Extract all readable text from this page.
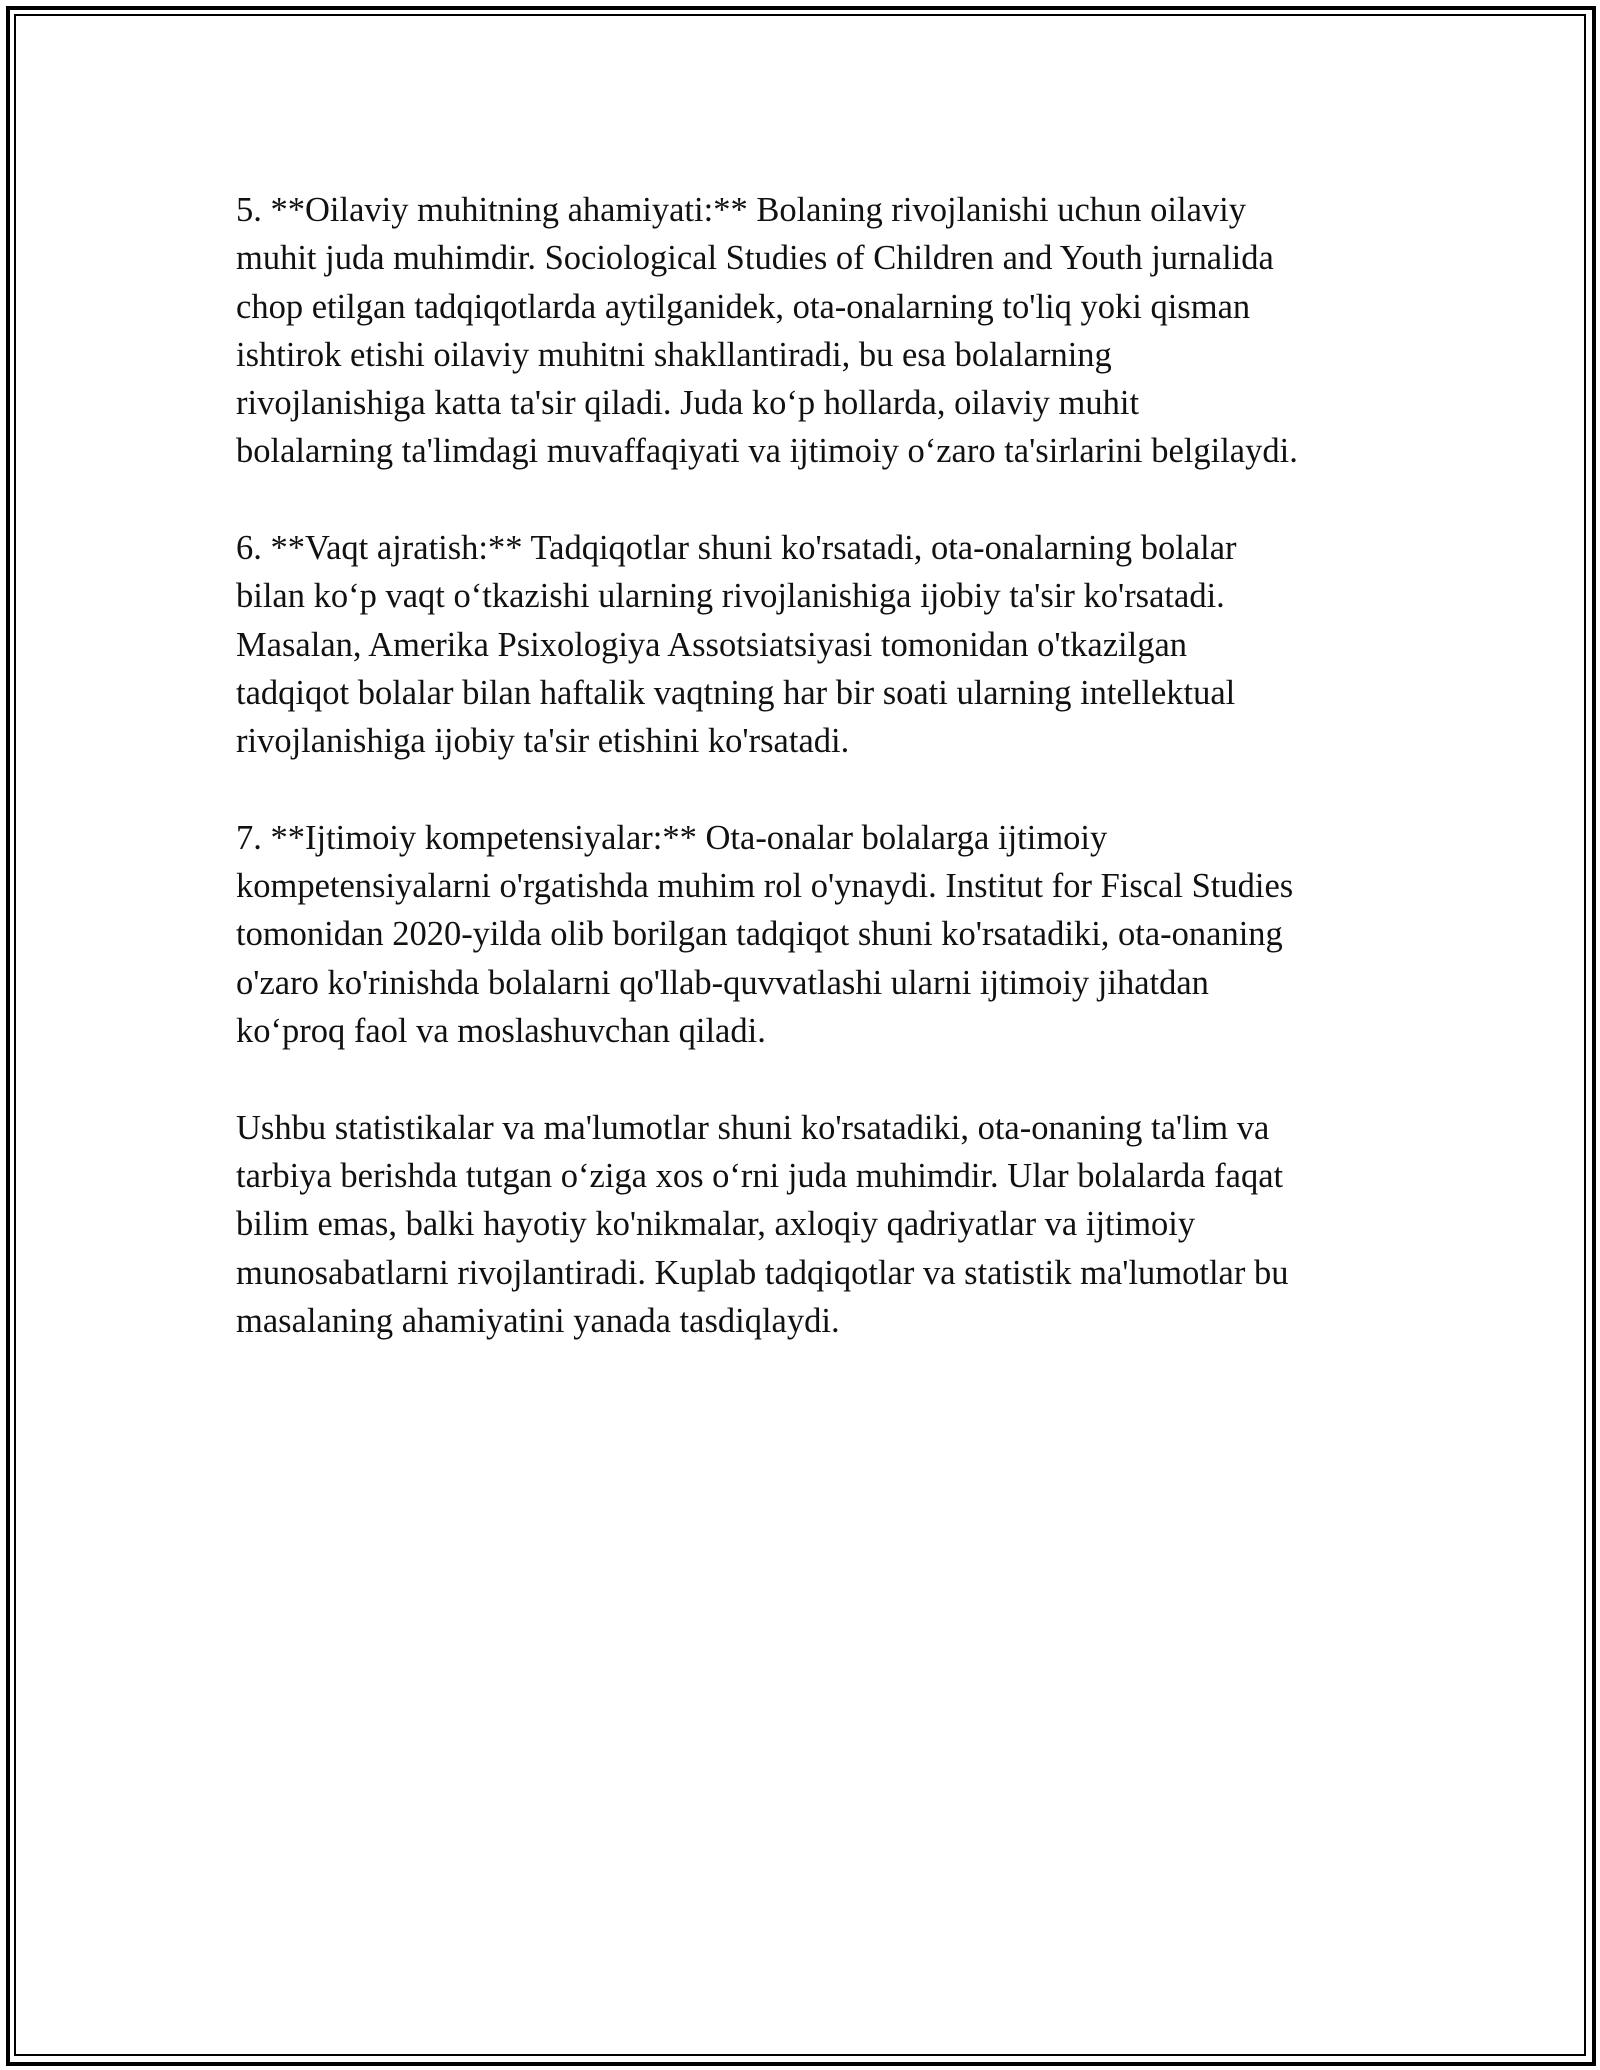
5. **Oilaviy muhitning ahamiyati:** Bolaning rivojlanishi uchun oilaviy
muhit juda muhimdir. Sociological Studies of Children and Youth jurnalida
chop etilgan tadqiqotlarda aytilganidek, ota-onalarning to'liq yoki qisman
ishtirok etishi oilaviy muhitni shakllantiradi, bu esa bolalarning
rivojlanishiga katta ta'sir qiladi. Juda ko‘p hollarda, oilaviy muhit
bolalarning ta'limdagi muvaffaqiyati va ijtimoiy o‘zaro ta'sirlarini belgilaydi.

6. **Vaqt ajratish:** Tadqiqotlar shuni ko'rsatadi, ota-onalarning bolalar
bilan ko‘p vaqt o‘tkazishi ularning rivojlanishiga ijobiy ta'sir ko'rsatadi.
Masalan, Amerika Psixologiya Assotsiatsiyasi tomonidan o'tkazilgan
tadqiqot bolalar bilan haftalik vaqtning har bir soati ularning intellektual
rivojlanishiga ijobiy ta'sir etishini ko'rsatadi.

7. **Ijtimoiy kompetensiyalar:** Ota-onalar bolalarga ijtimoiy
kompetensiyalarni o'rgatishda muhim rol o'ynaydi. Institut for Fiscal Studies
tomonidan 2020-yilda olib borilgan tadqiqot shuni ko'rsatadiki, ota-onaning
o'zaro ko'rinishda bolalarni qo'llab-quvvatlashi ularni ijtimoiy jihatdan
ko‘proq faol va moslashuvchan qiladi.

Ushbu statistikalar va ma'lumotlar shuni ko'rsatadiki, ota-onaning ta'lim va
tarbiya berishda tutgan o‘ziga xos o‘rni juda muhimdir. Ular bolalarda faqat
bilim emas, balki hayotiy ko'nikmalar, axloqiy qadriyatlar va ijtimoiy
munosabatlarni rivojlantiradi. Kuplab tadqiqotlar va statistik ma'lumotlar bu
masalaning ahamiyatini yanada tasdiqlaydi.
